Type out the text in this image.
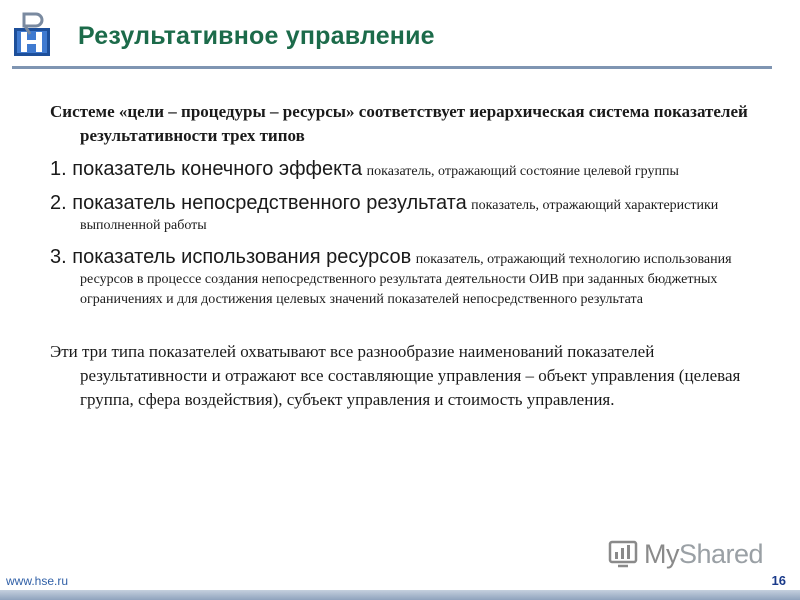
Результативное управление
Системе «цели – процедуры – ресурсы» соответствует иерархическая система показателей результативности трех типов
1. показатель конечного эффекта показатель, отражающий состояние целевой группы
2. показатель непосредственного результата показатель, отражающий характеристики выполненной работы
3. показатель использования ресурсов показатель, отражающий технологию использования ресурсов в процессе создания непосредственного результата деятельности ОИВ при заданных бюджетных ограничениях и для достижения целевых значений показателей непосредственного результата
Эти три типа показателей охватывают все разнообразие наименований показателей результативности и отражают все составляющие управления – объект управления (целевая группа, сфера воздействия), субъект управления и стоимость управления.
MyShared
www.hse.ru	16
